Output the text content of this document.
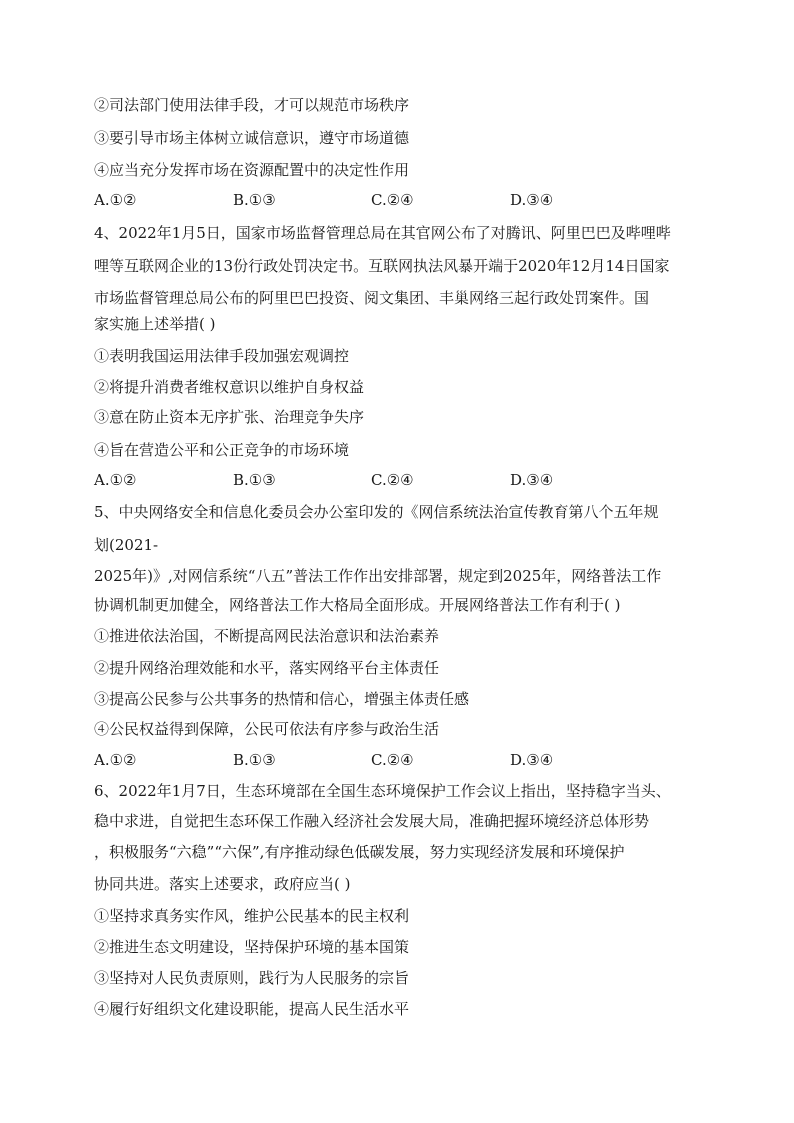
②司法部门使用法律手段，才可以规范市场秩序
③要引导市场主体树立诚信意识，遵守市场道德
④应当充分发挥市场在资源配置中的决定性作用
A.①②	B.①③	C.②④	D.③④
4、2022年1月5日，国家市场监督管理总局在其官网公布了对腾讯、阿里巴巴及哔哩哔
哩等互联网企业的13份行政处罚决定书。互联网执法风暴开端于2020年12月14日国家
市场监督管理总局公布的阿里巴巴投资、阅文集团、丰巢网络三起行政处罚案件。国
家实施上述举措( )
①表明我国运用法律手段加强宏观调控
②将提升消费者维权意识以维护自身权益
③意在防止资本无序扩张、治理竞争失序
④旨在营造公平和公正竞争的市场环境
A.①②	B.①③	C.②④	D.③④
5、中央网络安全和信息化委员会办公室印发的《网信系统法治宣传教育第八个五年规
划(2021-
2025年)》,对网信系统“八五”普法工作作出安排部署，规定到2025年，网络普法工作
协调机制更加健全，网络普法工作大格局全面形成。开展网络普法工作有利于( )
①推进依法治国，不断提高网民法治意识和法治素养
②提升网络治理效能和水平，落实网络平台主体责任
③提高公民参与公共事务的热情和信心，增强主体责任感
④公民权益得到保障，公民可依法有序参与政治生活
A.①②	B.①③	C.②④	D.③④
6、2022年1月7日，生态环境部在全国生态环境保护工作会议上指出，坚持稳字当头、
稳中求进，自觉把生态环保工作融入经济社会发展大局，准确把握环境经济总体形势
，积极服务“六稳”“六保”,有序推动绿色低碳发展，努力实现经济发展和环境保护
协同共进。落实上述要求，政府应当( )
①坚持求真务实作风，维护公民基本的民主权利
②推进生态文明建设，坚持保护环境的基本国策
③坚持对人民负责原则，践行为人民服务的宗旨
④履行好组织文化建设职能，提高人民生活水平
